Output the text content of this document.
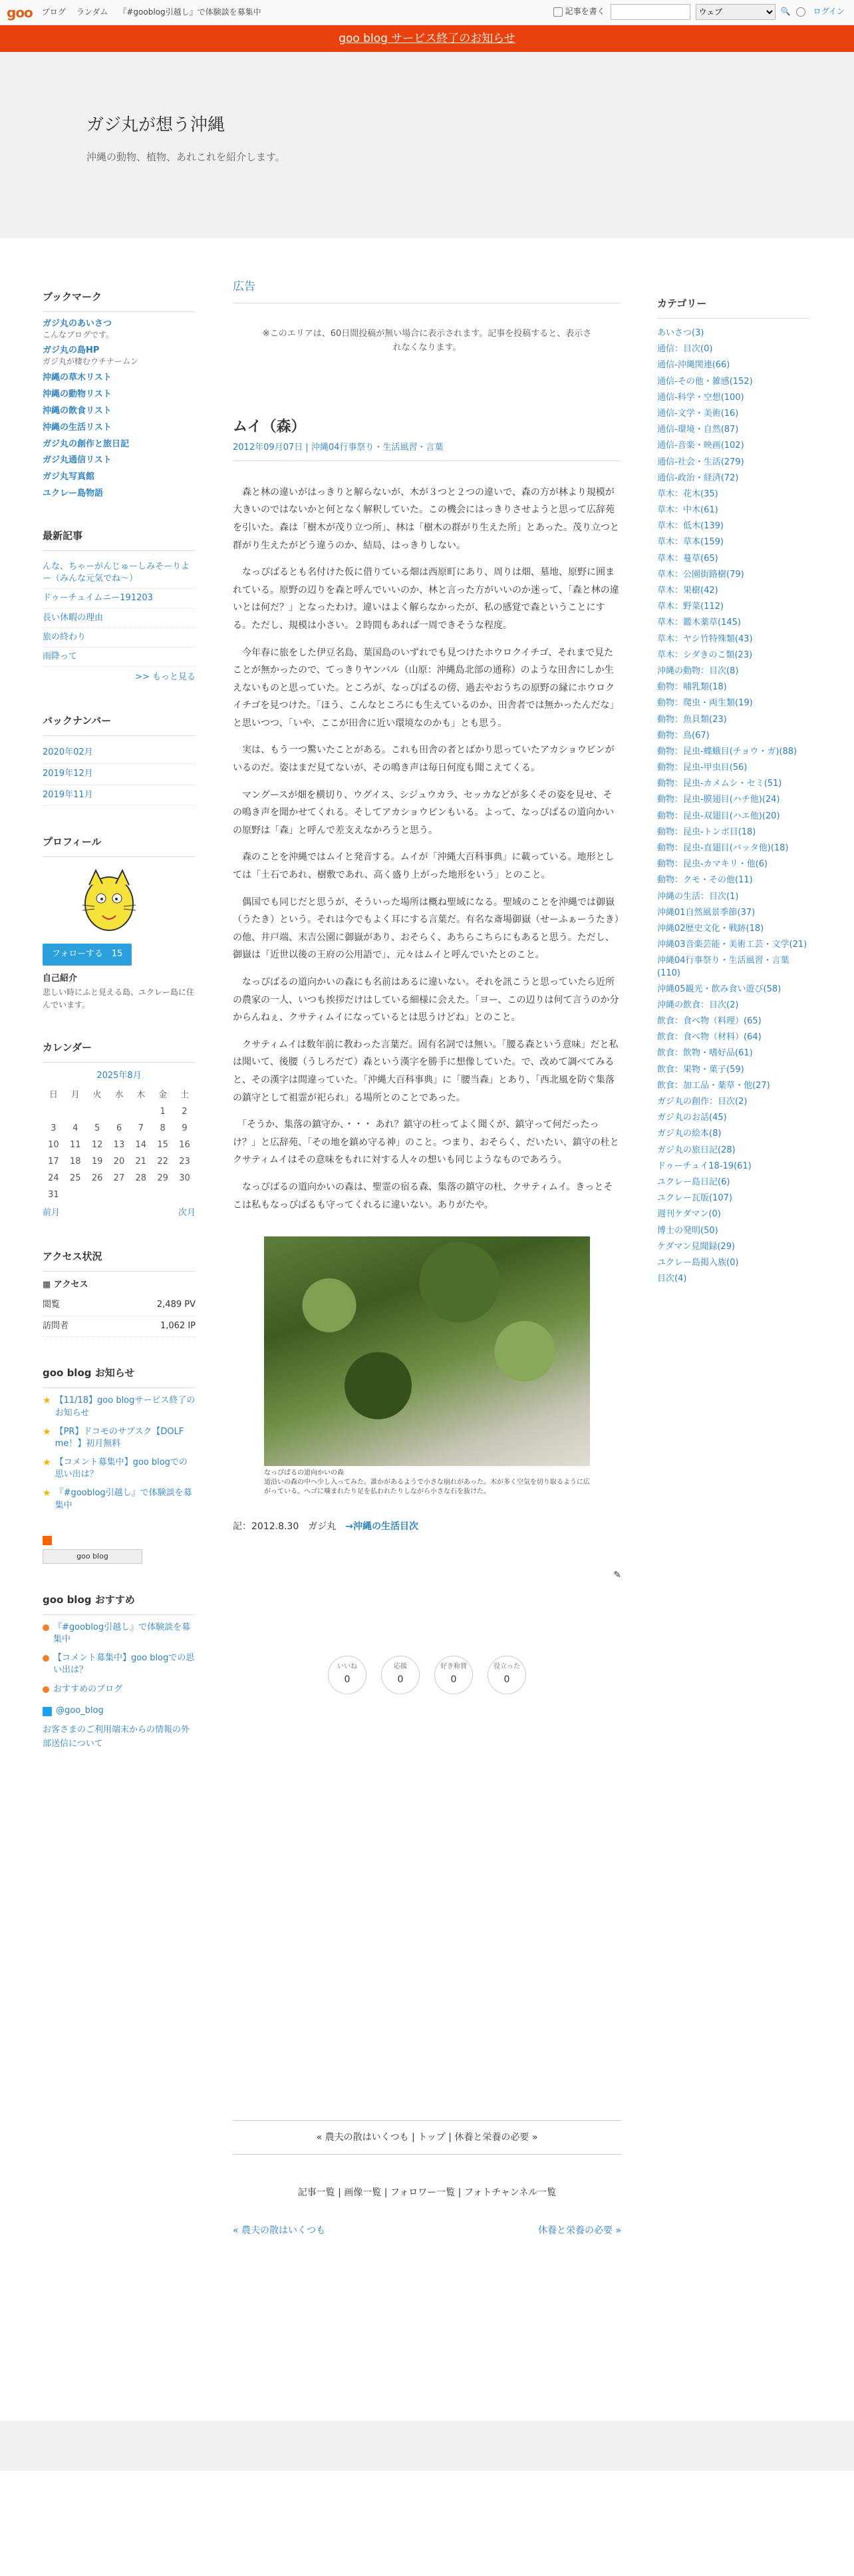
goo ブログ ランダム 『#gooblog引越し』で体験談を募集中	記事を書く
ウェブ	🔍	ログイン
goo blog サービス終了のお知らせ
ガジ丸が想う沖縄
沖縄の動物、植物、あれこれを紹介します。
ブックマーク
ガジ丸のあいさつ
こんなブログです。
ガジ丸の島HP
ガジ丸が棲むウチナームン
沖縄の草木リスト
沖縄の動物リスト
沖縄の飲食リスト
沖縄の生活リスト
ガジ丸の創作と旅日記
ガジ丸通信リスト
ガジ丸写真館
ユクレー島物語
最新記事
んな、ちゃーがんじゅーしみそーりよー（みんな元気でね〜）
ドゥーチュイムニー191203
長い休暇の理由
旅の終わり
雨降って
>> もっと見る
バックナンバー
2020年02月
2019年12月
2019年11月
プロフィール
フォローする　15
自己紹介
悲しい時にふと見える島、ユクレー島に住んでいます。
カレンダー
2025年8月
日	月	火	水	木	金	土
					1	2
3	4	5	6	7	8	9
10	11	12	13	14	15	16
17	18	19	20	21	22	23
24	25	26	27	28	29	30
31						
前月	次月
アクセス状況
▦ アクセス
閲覧	2,489 PV
訪問者	1,062 IP
goo blog お知らせ
★ 【11/18】goo blogサービス終了のお知らせ
★ 【PR】ドコモのサブスク【DOLF me！】初月無料
★ 【コメント募集中】goo blogでの思い出は？
★ 『#gooblog引越し』で体験談を募集中
goo blog
goo blog おすすめ
『#gooblog引越し』で体験談を募集中
【コメント募集中】goo blogでの思い出は？
おすすめのブログ
@goo_blog
お客さまのご利用端末からの情報の外部送信について
広告
※このエリアは、60日間投稿が無い場合に表示されます。記事を投稿すると、表示されなくなります。
ムイ（森）
2012年09月07日 | 沖縄04行事祭り・生活風習・言葉

　森と林の違いがはっきりと解らないが、木が３つと２つの違いで、森の方が林より規模が大きいのではないかと何となく解釈していた。この機会にはっきりさせようと思って広辞苑を引いた。森は「樹木が茂り立つ所」、林は「樹木の群がり生えた所」とあった。茂り立つと群がり生えたがどう違うのか、結局、はっきりしない。

　なっぴばるとも名付けた仮に借りている畑は西原町にあり、周りは畑、墓地、原野に囲まれている。原野の辺りを森と呼んでいいのか、林と言った方がいいのか迷って、「森と林の違いとは何だ？」となったわけ。違いはよく解らなかったが、私の感覚で森ということにする。ただし、規模は小さい。２時間もあれば一周できそうな程度。

　今年春に旅をした伊豆名島、葉国島のいずれでも見つけたホウロクイチゴ、それまで見たことが無かったので、てっきりヤンバル（山原：沖縄島北部の通称）のような田舎にしか生えないものと思っていた。ところが、なっぴばるの傍、過去やおうちの原野の縁にホウロクイチゴを見つけた。「ほう、こんなところにも生えているのか、田舎者では無かったんだな」と思いつつ、「いや、ここが田舎に近い環境なのかも」とも思う。

　実は、もう一つ驚いたことがある。これも田舎の者とばかり思っていたアカショウビンがいるのだ。姿はまだ見てないが、その鳴き声は毎日何度も聞こえてくる。

　マングースが畑を横切り、ウグイス、シジュウカラ、セッカなどが多くその姿を見せ、その鳴き声を聞かせてくれる。そしてアカショウビンもいる。よって、なっぴばるの道向かいの原野は「森」と呼んで差支えなかろうと思う。

　森のことを沖縄ではムイと発音する。ムイが「沖縄大百科事典」に載っている。地形としては「土石であれ、樹敷であれ、高く盛り上がった地形をいう」とのこと。

　偶国でも同じだと思うが、そういった場所は概ね聖域になる。聖域のことを沖縄では御嶽（うたき）という。それは今でもよく耳にする言葉だ。有名な斎場御嶽（せーふぁーうたき）の他、井戸端、末吉公園に御嶽があり、おそらく、あちらこちらにもあると思う。ただし、御嶽は「近世以後の王府の公用語で」、元々はムイと呼んでいたとのこと。

　なっぴばるの道向かいの森にも名前はあるに違いない。それを訊こうと思っていたら近所の農家の一人、いつも挨拶だけはしている細様に会えた。「ヨー、この辺りは何て言うのか分からんねぇ、クサティムイになっているとは思うけどね」とのこと。

　クサティムイは数年前に教わった言葉だ。固有名詞では無い。「腰る森という意味」だと私は聞いて、後腰（うしろだて）森という漢字を勝手に想像していた。で、改めて調べてみると、その漢字は間違っていた。「沖縄大百科事典」に「腰当森」とあり、「西北風を防ぐ集落の鎮守として祖霊が祀られ」る場所とのことであった。

　「そうか、集落の鎮守か、・・・ あれ？鎮守の杜ってよく聞くが、鎮守って何だったっけ？」と広辞苑、「その地を鎮め守る神」のこと。つまり、おそらく、だいたい、鎮守の杜とクサティムイはその意味をもれに対する人々の想いも同じようなものであろう。

　なっぴばるの道向かいの森は、聖霊の宿る森、集落の鎮守の杜、クサティムイ。きっとそこは私もなっぴばるも守ってくれるに違いない。ありがたや。

なっぴばるの道向かいの森
道沿いの森の中へ少し入ってみた。誰かがあるようで小さな崩れがあった。木が多く空気を切り取るように広がっている。ヘゴに噛まれたり足を払われたりしながら小さな石を抜けた。
記：2012.8.30　ガジ丸　 →沖縄の生活目次
✎
いいね
0
応援
0
好き称賛
0
役立った
0
« 農夫の散はいくつも | トップ | 休養と栄養の必要 »
記事一覧 | 画像一覧 | フォロワー一覧 | フォトチャンネル一覧
« 農夫の散はいくつも	休養と栄養の必要 »
カテゴリー
あいさつ(3)
通信：目次(0)
通信-沖縄関連(66)
通信-その他・雑感(152)
通信-科学・空想(100)
通信-文学・美術(16)
通信-環境・自然(87)
通信-音楽・映画(102)
通信-社会・生活(279)
通信-政治・経済(72)
草木：花木(35)
草木：中木(61)
草木：低木(139)
草木：草本(159)
草木：蔓草(65)
草木：公園街路樹(79)
草木：果樹(42)
草木：野菜(112)
草木：鑑木薬草(145)
草木：ヤシ竹特殊類(43)
草木：シダきのこ類(23)
沖縄の動物：目次(8)
動物：哺乳類(18)
動物：爬虫・両生類(19)
動物：魚貝類(23)
動物：鳥(67)
動物：昆虫-蝶蛾目(チョウ・ガ)(88)
動物：昆虫-甲虫目(56)
動物：昆虫-カメムシ・セミ(51)
動物：昆虫-膜翅目(ハチ他)(24)
動物：昆虫-双翅目(ハエ他)(20)
動物：昆虫-トンボ目(18)
動物：昆虫-直翅目(バッタ他)(18)
動物：昆虫-カマキリ・他(6)
動物：クモ・その他(11)
沖縄の生活：目次(1)
沖縄01自然風景季節(37)
沖縄02歴史文化・戦跡(18)
沖縄03音楽芸能・美術工芸・文学(21)
沖縄04行事祭り・生活風習・言葉(110)
沖縄05観光・飲み食い遊び(58)
沖縄の飲食：目次(2)
飲食：食べ物（料理）(65)
飲食：食べ物（材料）(64)
飲食：飲物・嗜好品(61)
飲食：果物・菓子(59)
飲食：加工品・薬草・他(27)
ガジ丸の創作：目次(2)
ガジ丸のお話(45)
ガジ丸の絵本(8)
ガジ丸の旅日記(28)
ドゥーチュイ18-19(61)
ユクレー島日記(6)
ユクレー瓦版(107)
週刊ケダマン(0)
博士の発明(50)
ケダマン見聞録(29)
ユクレー島掲入族(0)
目次(4)
